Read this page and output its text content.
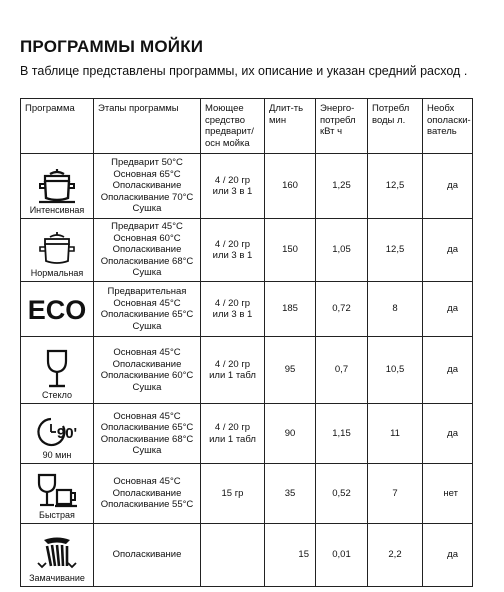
ПРОГРАММЫ МОЙКИ
В таблице представлены программы, их описание и указан средний расход .
Программа	Этапы программы	Моющее
средство
предварит/
осн мойка	Длит-ть
мин	Энерго-
потребл
кВт ч	Потребл
воды л.	Необх
ополаски-
ватель

Интенсивная	Предварит 50°C
Основная 65°C
Ополаскивание
Ополаскивание 70°C
Сушка	4 / 20 гр
или 3 в 1	160	1,25	12,5	да

Нормальная	Предварит 45°C
Основная 60°C
Ополаскивание
Ополаскивание 68°C
Сушка	4 / 20 гр
или 3 в 1	150	1,05	12,5	да

ECO	Предварительная
Основная 45°C
Ополаскивание 65°C
Сушка	4 / 20 гр
или 3 в 1	185	0,72	8	да

Стекло	Основная 45°C
Ополаскивание
Ополаскивание 60°C
Сушка	4 / 20 гр
или 1 табл	95	0,7	10,5	да

90'
90 мин	Основная 45°C
Ополаскивание 65°C
Ополаскивание 68°C
Сушка	4 / 20 гр
или 1 табл	90	1,15	11	да

Быстрая	Основная 45°C
Ополаскивание
Ополаскивание 55°C	15 гр	35	0,52	7	нет

Замачивание	Ополаскивание		15	0,01	2,2	да
